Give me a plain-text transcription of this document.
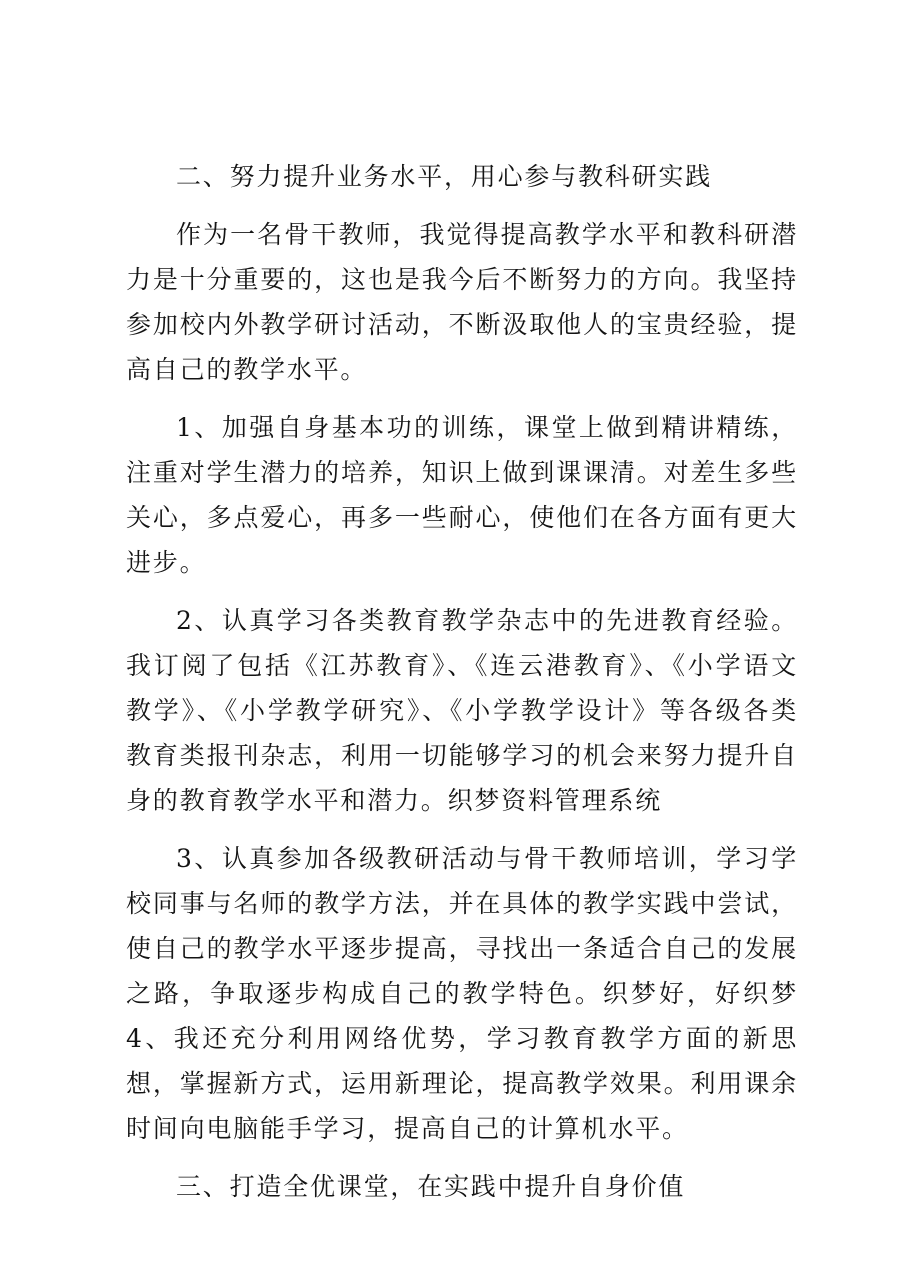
二、努力提升业务水平，用心参与教科研实践

作为一名骨干教师，我觉得提高教学水平和教科研潜力是十分重要的，这也是我今后不断努力的方向。我坚持参加校内外教学研讨活动，不断汲取他人的宝贵经验，提高自己的教学水平。

1、加强自身基本功的训练，课堂上做到精讲精练，注重对学生潜力的培养，知识上做到课课清。对差生多些关心，多点爱心，再多一些耐心，使他们在各方面有更大进步。

2、认真学习各类教育教学杂志中的先进教育经验。我订阅了包括《江苏教育》、《连云港教育》、《小学语文教学》、《小学教学研究》、《小学教学设计》等各级各类教育类报刊杂志，利用一切能够学习的机会来努力提升自身的教育教学水平和潜力。织梦资料管理系统

3、认真参加各级教研活动与骨干教师培训，学习学校同事与名师的教学方法，并在具体的教学实践中尝试，使自己的教学水平逐步提高，寻找出一条适合自己的发展之路，争取逐步构成自己的教学特色。织梦好，好织梦 4、我还充分利用网络优势，学习教育教学方面的新思想，掌握新方式，运用新理论，提高教学效果。利用课余时间向电脑能手学习，提高自己的计算机水平。

三、打造全优课堂，在实践中提升自身价值
